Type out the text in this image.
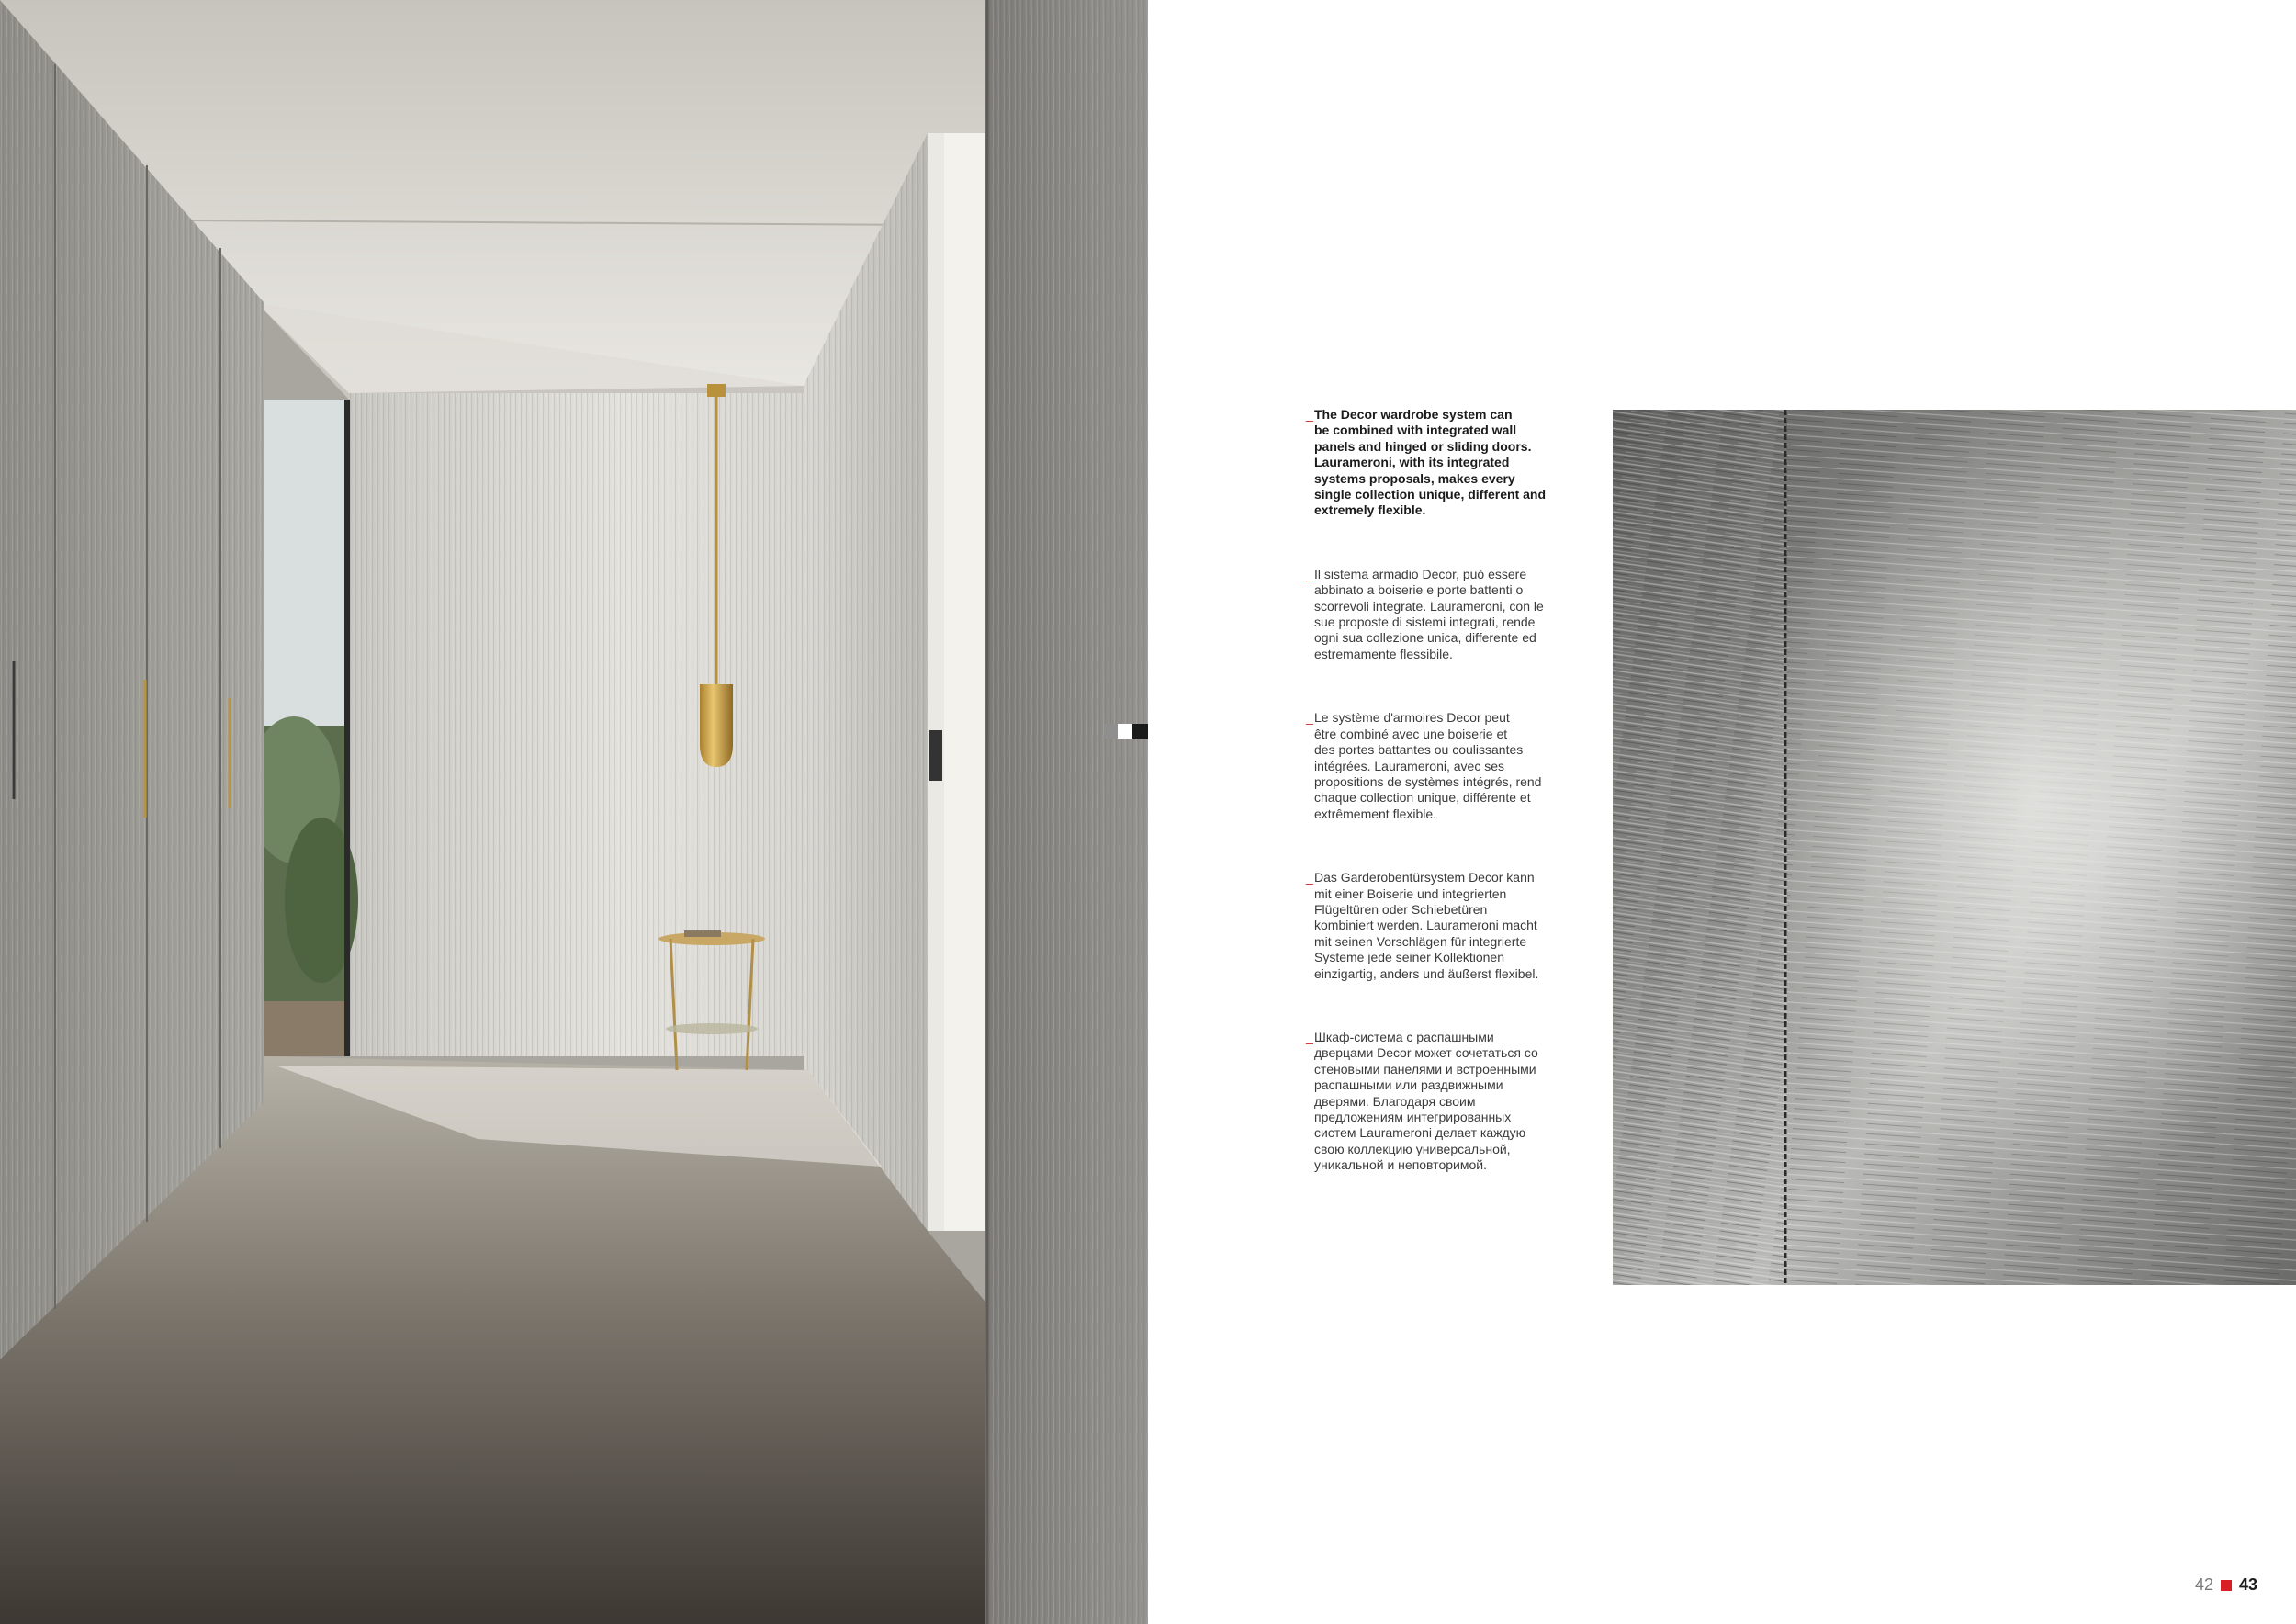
_ The Decor wardrobe system can
be combined with integrated wall
panels and hinged or sliding doors.
Laurameroni, with its integrated
systems proposals, makes every
single collection unique, different and
extremely flexible.
_ Il sistema armadio Decor, può essere
abbinato a boiserie e porte battenti o
scorrevoli integrate. Laurameroni, con le
sue proposte di sistemi integrati, rende
ogni sua collezione unica, differente ed
estremamente flessibile.
_ Le système d'armoires Decor peut
être combiné avec une boiserie et
des portes battantes ou coulissantes
intégrées. Laurameroni, avec ses
propositions de systèmes intégrés, rend
chaque collection unique, différente et
extrêmement flexible.
_ Das Garderobentürsystem Decor kann
mit einer Boiserie und integrierten
Flügeltüren oder Schiebetüren
kombiniert werden. Laurameroni macht
mit seinen Vorschlägen für integrierte
Systeme jede seiner Kollektionen
einzigartig, anders und äußerst flexibel.
_ Шкаф-система с распашными
дверцами Decor может сочетаться со
стеновыми панелями и встроенными
распашными или раздвижными
дверями. Благодаря своим
предложениям интегрированных
систем Laurameroni делает каждую
свою коллекцию универсальной,
уникальной и неповторимой.
42 43
